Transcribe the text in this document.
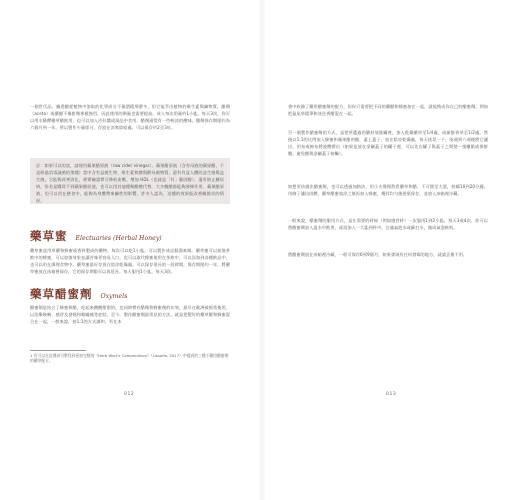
一個世代品，據悉醋從植物中溶取的化學成分不像酒精那麼多，但它能萃出植物的維生素與礦物質。醋劑（aceta）或藥醋不像酊劑那樣強烈，因此使用的劑量也需要提高。成人每次用量約1小匙，每天3次，你可以用水稀釋藥草醋飲用，也可以加入沙拉醬或湯品中食用。醋劑通常有一些較淡的酸味。醋劑保存期限約為六個月到一年，所以製作少量即可，存放在涼爽陰暗處。可以保存約2至3年。

註：如果可以的話，請使用蘋果醋原液（raw cider vinegar）。蘋果醋原液（含有母液的蘋果醋，不是經過消毒滅菌的那種）當中含有益菌生物、維生素和酵與酵母菌物質，還有有益人體的益生菌與益生菌，它能夠改善消化，經實驗證實可降低血壓、增加 HDL（也就是「好」膽固醇），還有防止糖尿病，但若是購買不到蘋果醋原液，也可以用其他種類醋酸代替，大多數醋都能夠發揮作用。蘋果醋原液，也可以用在膳食中，能夠為身體帶來鹼性的影響，許多人認為，這種的效果能改善關節炎的情況。

藥草蜜 Electuaries (Herbal Honey)

藥草蜜是用草藥和蜂蜜或香料製成的藥物。每次可以吃1小匙，可以製作成這個湯來喝。藥草蜜可以加進茶飲中的蜂蜜，可以加強效果並讓苦味更容易入口，也可以取代蜂蜜使用在茶飲中，可以添加到各種飲品中，也可以用在調理食物中。藥草蜜最好存放在陰涼乾燥處。可以保存很長的一段時間，保存期限約一年。將藥草蜜放在冰箱裡保存，它的保存期限可以再延長。每天服用1小匙，每天3次。

藥草醋蜜劑 Oxymels

醋蜜劑是結合了蜂蜜和醋，吃起來酸酸甜甜的，也同時帶有醋劑和蜂蜜劑的功效，最早在歐洲被經常使用，以治療咳嗽、感冒及發燒和喉嚨痛等症狀。至今，製作醋蜜劑最常見的方法，就是把製好的藥草醋和蜂蜜混合在一起，一般來說，按1:1的方式調和，若在本

1 有可以在此搜尋引擎找到更加完整的《Herb Wort's Compendium》（Lissofia, 2017）中提到的三種不藥用醋蜜劑的藥草配方。

012

書中收錄了藥用醋蜜劑的配方，但你只需要把不同的藥醋和蜂蜜加在一起，就能換成你自己的醋蜜劑。例如把鼠尾草精華和迷迭香醋混在一起。

另一個製作醋蜜劑的方式，是把所選過的藥材放進罐裡，加入乾燥藥草至1/4處，或新鮮香草至1/2處，然後以1:1的比例加入蜂蜜和蘋果醋的醋，蓋上蓋子，放在陰涼乾燥處，每天搖晃一下，兩週到六週後將它濾出，用布或棉布將液體擠出（如果是放在金屬蓋子的罐子裡，可以先在罐子與蓋子之間墊一張蠟紙或保鮮膜，避免醋與金屬蓋子接觸）。

如想更快做出醋蜜劑，也可以透過加熱法，用小火慢慢熬煮藥草和醋，不可開至大滾，持續10到20分鐘，用篩子濾出固體，藥草醋蜜放涼之後再加入蜂蜜，攪拌均勻後裝瓶保存，並放入冰箱裡冷藏。

一般來說，醋蜜劑的服用方式，是在需要的時候（例如感冒時）一次服用1到2小匙，每天3或4次，你可以將醋蜜劑加入溫水中飲用，或再加入一大匙到杯中，注滿氣泡水或蘇打水，做成氣泡飲料。

將醋蜜劑放在冰箱裡冷藏，一般可保存6到9個月，如果發現有任何發霉的地方，就請丟棄不用。

013
